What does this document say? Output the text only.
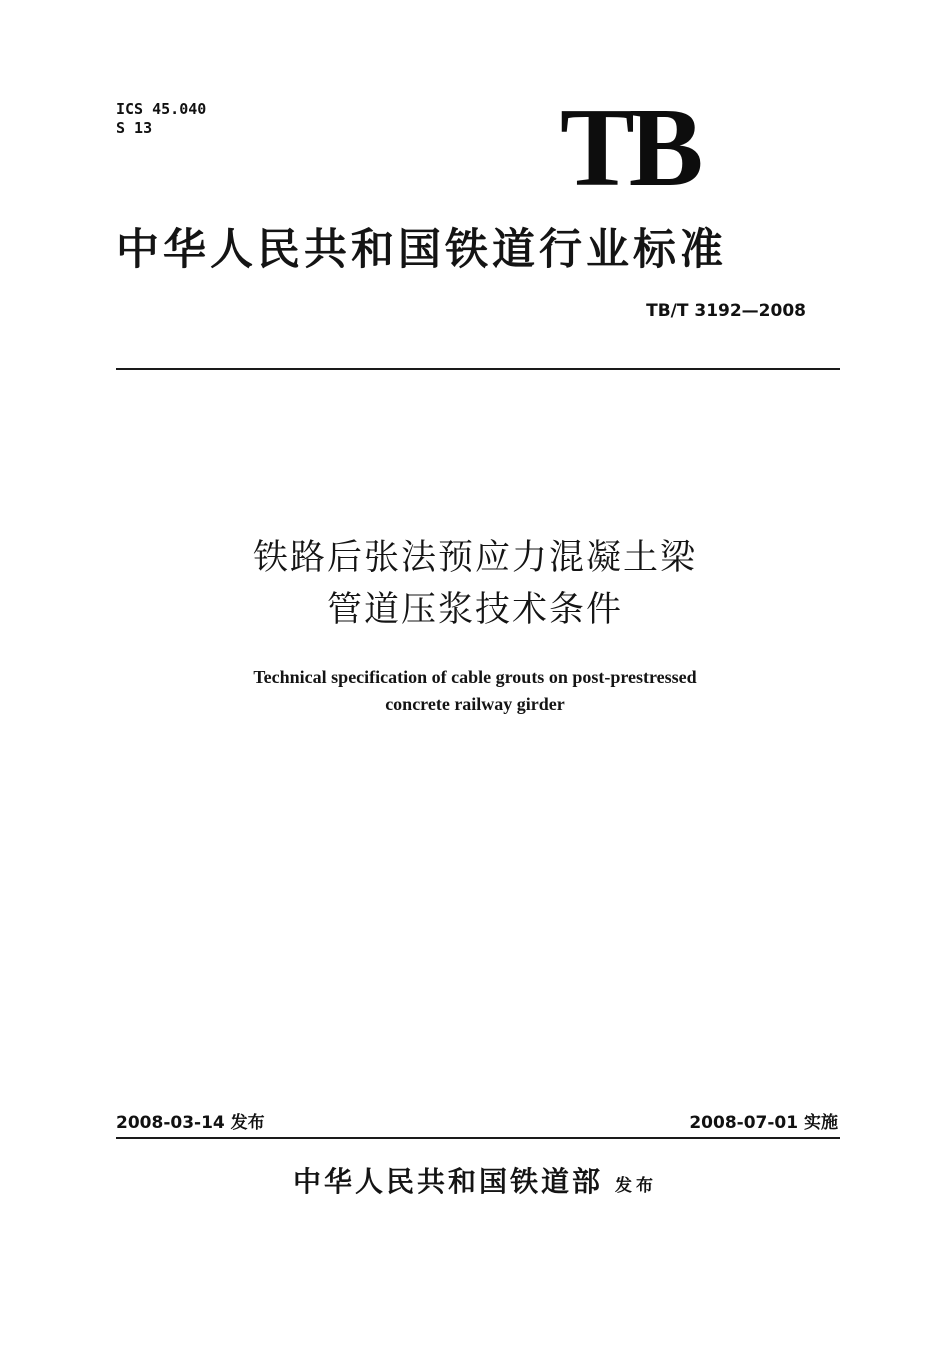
ICS 45.040
S 13	TB
中华人民共和国铁道行业标准
TB/T 3192—2008
铁路后张法预应力混凝土梁
管道压浆技术条件
Technical specification of cable grouts on post-prestressed
concrete railway girder
2008-03-14 发布	2008-07-01 实施
中华人民共和国铁道部 发布
